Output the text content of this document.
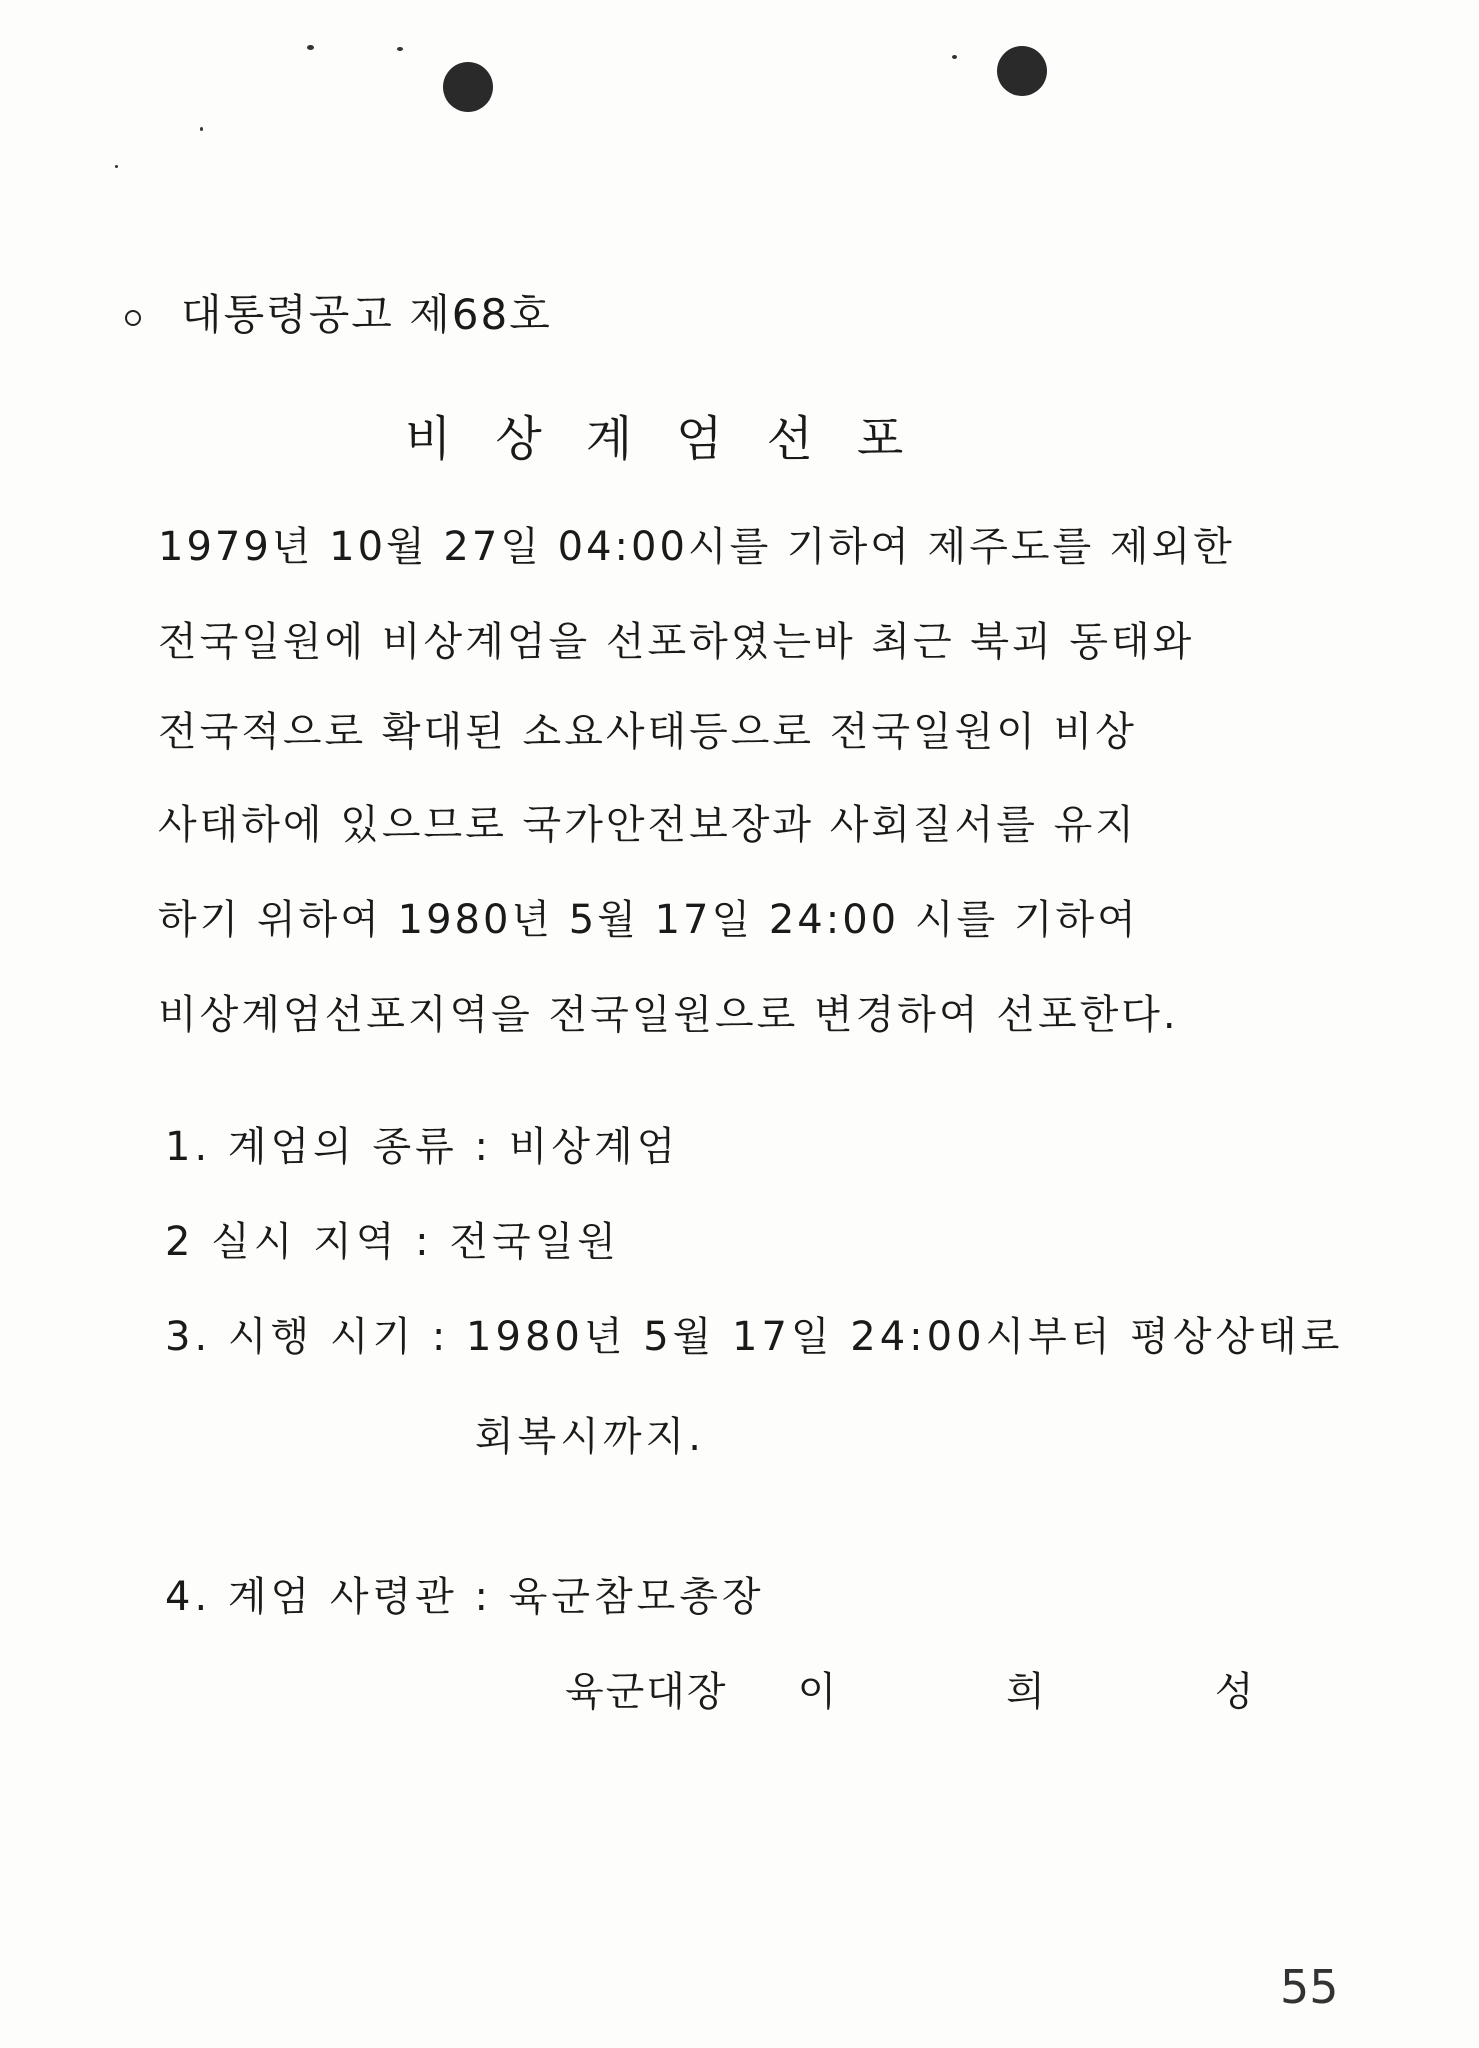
대통령공고 제68호
비상계엄선포
1979년 10월 27일 04:00시를 기하여 제주도를 제외한
전국일원에 비상계엄을 선포하였는바 최근 북괴 동태와
전국적으로 확대된 소요사태등으로 전국일원이 비상
사태하에 있으므로 국가안전보장과 사회질서를 유지
하기 위하여 1980년 5월 17일 24:00 시를 기하여
비상계엄선포지역을 전국일원으로 변경하여 선포한다.
1. 계엄의 종류 : 비상계엄
2 실시 지역 : 전국일원
3. 시행 시기 : 1980년 5월 17일 24:00시부터 평상상태로
회복시까지.
4. 계엄 사령관 : 육군참모총장
육군대장 이희성
55
